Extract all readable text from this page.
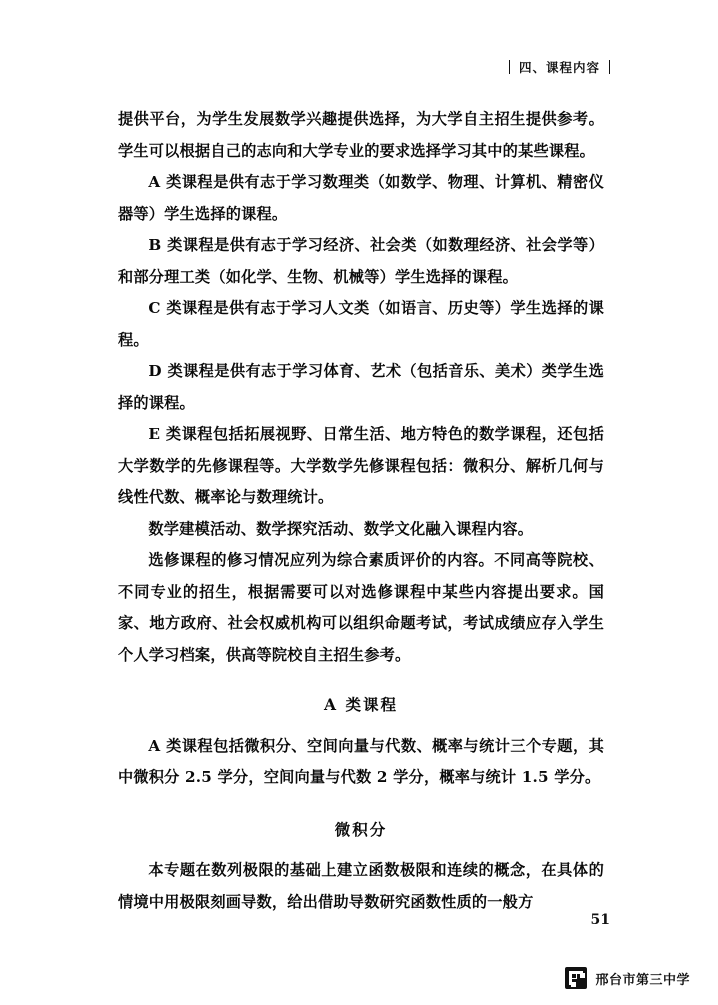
四、课程内容

提供平台，为学生发展数学兴趣提供选择，为大学自主招生提供参考。学生可以根据自己的志向和大学专业的要求选择学习其中的某些课程。

A 类课程是供有志于学习数理类（如数学、物理、计算机、精密仪器等）学生选择的课程。

B 类课程是供有志于学习经济、社会类（如数理经济、社会学等）和部分理工类（如化学、生物、机械等）学生选择的课程。

C 类课程是供有志于学习人文类（如语言、历史等）学生选择的课程。

D 类课程是供有志于学习体育、艺术（包括音乐、美术）类学生选择的课程。

E 类课程包括拓展视野、日常生活、地方特色的数学课程，还包括大学数学的先修课程等。大学数学先修课程包括：微积分、解析几何与线性代数、概率论与数理统计。

数学建模活动、数学探究活动、数学文化融入课程内容。

选修课程的修习情况应列为综合素质评价的内容。不同高等院校、不同专业的招生，根据需要可以对选修课程中某些内容提出要求。国家、地方政府、社会权威机构可以组织命题考试，考试成绩应存入学生个人学习档案，供高等院校自主招生参考。

A 类课程

A 类课程包括微积分、空间向量与代数、概率与统计三个专题，其中微积分 2.5 学分，空间向量与代数 2 学分，概率与统计 1.5 学分。

微积分

本专题在数列极限的基础上建立函数极限和连续的概念，在具体的情境中用极限刻画导数，给出借助导数研究函数性质的一般方

51
邢台市第三中学
